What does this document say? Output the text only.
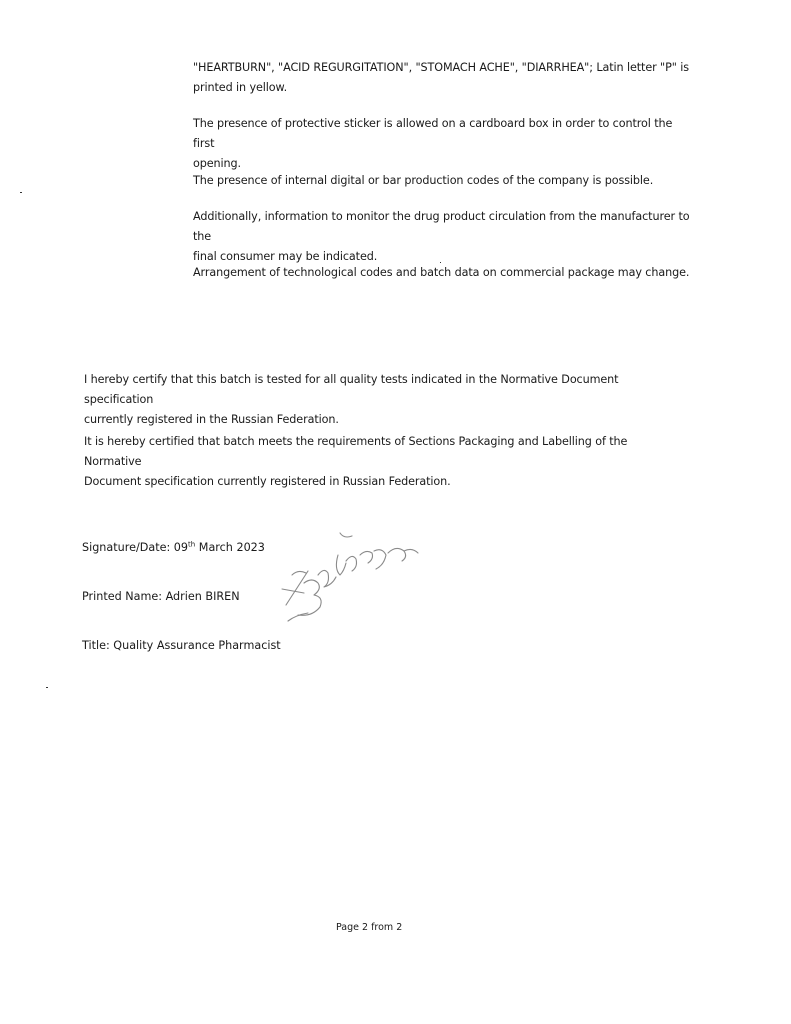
"HEARTBURN", "ACID REGURGITATION", "STOMACH ACHE", "DIARRHEA"; Latin letter "P" is
printed in yellow.

The presence of protective sticker is allowed on a cardboard box in order to control the first
opening.

The presence of internal digital or bar production codes of the company is possible.

Additionally, information to monitor the drug product circulation from the manufacturer to the
final consumer may be indicated.

Arrangement of technological codes and batch data on commercial package may change.

I hereby certify that this batch is tested for all quality tests indicated in the Normative Document specification
currently registered in the Russian Federation.

It is hereby certified that batch meets the requirements of Sections Packaging and Labelling of the Normative
Document specification currently registered in Russian Federation.

Signature/Date: 09th March 2023

Printed Name: Adrien BIREN

Title: Quality Assurance Pharmacist

Page 2 from 2
